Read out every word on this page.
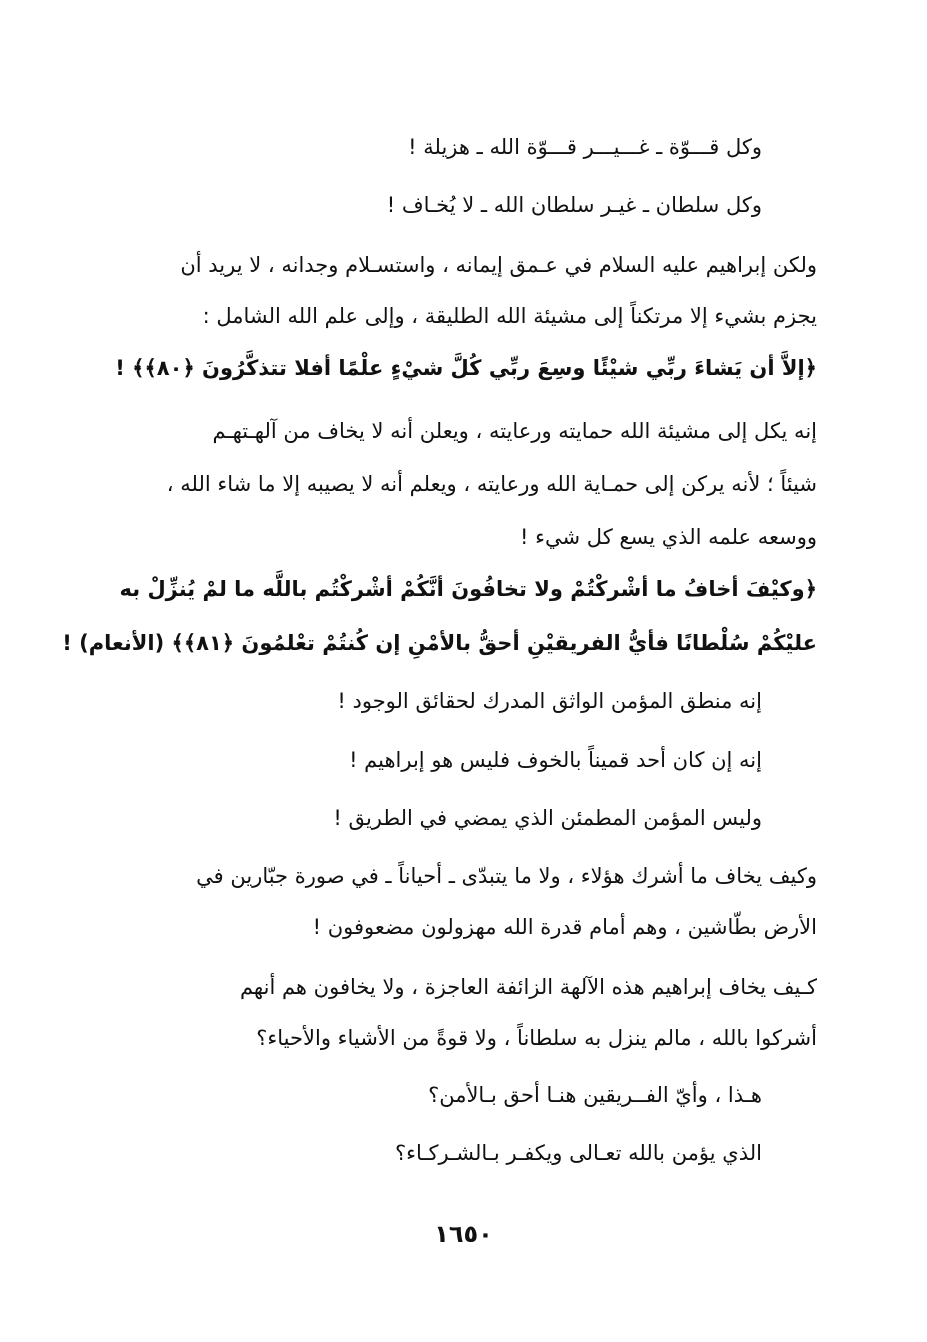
وكل قـــوّة ـ غـــيـــر قـــوّة الله ـ هزيلة !
وكل سلطان ـ غيـر سلطان الله ـ لا يُخـاف !
ولكن إبراهيم عليه السلام في عـمق إيمانه ، واستسـلام وجدانه ، لا يريد أن
يجزم بشيء إلا مرتكناً إلى مشيئة الله الطليقة ، وإلى علم الله الشامل :
﴿إلاَّ أن يَشاءَ ربِّي شيْئًا وسِعَ ربِّي كُلَّ شيْءٍ علْمًا أفلا تتذكَّرُونَ ﴿٨٠﴾﴾ !
إنه يكل إلى مشيئة الله حمايته ورعايته ، ويعلن أنه لا يخاف من آلهـتهـم
شيئاً ؛ لأنه يركن إلى حمـاية الله ورعايته ، ويعلم أنه لا يصيبه إلا ما شاء الله ،
ووسعه علمه الذي يسع كل شيء !
﴿وكيْفَ أخافُ ما أشْركْتُمْ ولا تخافُونَ أنَّكُمْ أشْركْتُم باللَّه ما لمْ يُنزِّلْ به
عليْكُمْ سُلْطانًا فأيُّ الفريقيْنِ أحقُّ بالأمْنِ إن كُنتُمْ تعْلمُونَ ﴿٨١﴾﴾ (الأنعام) !
إنه منطق المؤمن الواثق المدرك لحقائق الوجود !
إنه إن كان أحد قميناً بالخوف فليس هو إبراهيم !
وليس المؤمن المطمئن الذي يمضي في الطريق !
وكيف يخاف ما أشرك هؤلاء ، ولا ما يتبدّى ـ أحياناً ـ في صورة جبّارين في
الأرض بطّاشين ، وهم أمام قدرة الله مهزولون مضعوفون !
كـيف يخاف إبراهيم هذه الآلهة الزائفة العاجزة ، ولا يخافون هم أنهم
أشركوا بالله ، مالم ينزل به سلطاناً ، ولا قوةً من الأشياء والأحياء؟
هـذا ، وأيّ الفــريقين هنـا أحق بـالأمن؟
الذي يؤمن بالله تعـالى ويكفـر بـالشـركـاء؟
١٦٥٠
